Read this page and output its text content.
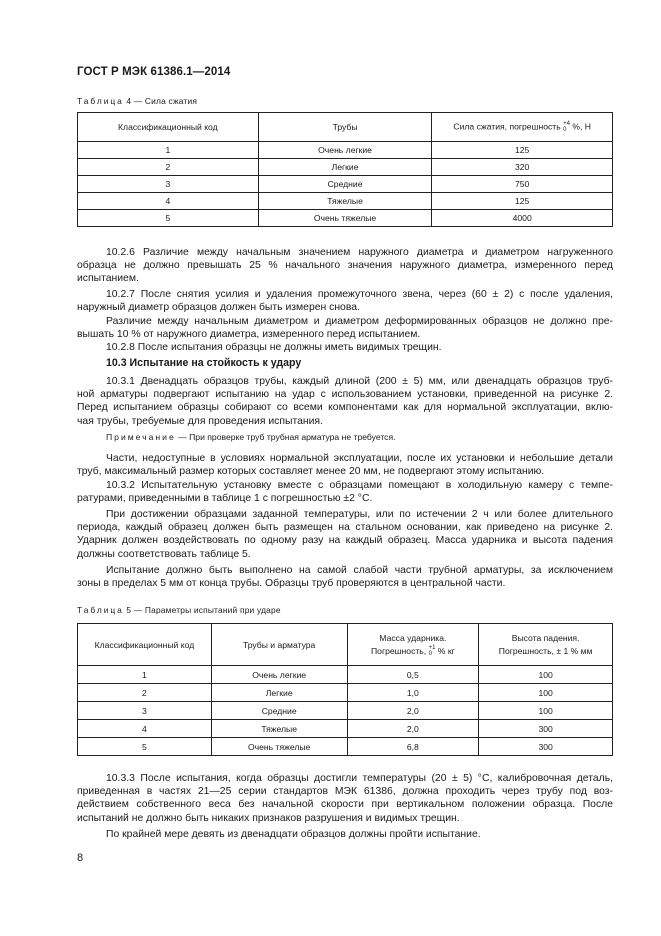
ГОСТ Р МЭК 61386.1—2014
Таблица 4 — Сила сжатия
Классификационный код	Трубы	Сила сжатия, погрешность +4
0 %, Н
1	Очень легкие	125
2	Легкие	320
3	Средние	750
4	Тяжелые	125
5	Очень тяжелые	4000
10.2.6 Различие между начальным значением наружного диаметра и диаметром нагруженного
образца не должно превышать 25 % начального значения наружного диаметра, измеренного перед
испытанием.
10.2.7 После снятия усилия и удаления промежуточного звена, через (60 ± 2) с после удаления,
наружный диаметр образцов должен быть измерен снова.
Различие между начальным диаметром и диаметром деформированных образцов не должно пре-
вышать 10 % от наружного диаметра, измеренного перед испытанием.
10.2.8 После испытания образцы не должны иметь видимых трещин.
10.3 Испытание на стойкость к удару
10.3.1 Двенадцать образцов трубы, каждый длиной (200 ± 5) мм, или двенадцать образцов труб-
ной арматуры подвергают испытанию на удар с использованием установки, приведенной на рисунке 2.
Перед испытанием образцы собирают со всеми компонентами как для нормальной эксплуатации, вклю-
чая трубы, требуемые для проведения испытания.
Примечание — При проверке труб трубная арматура не требуется.
Части, недоступные в условиях нормальной эксплуатации, после их установки и небольшие детали
труб, максимальный размер которых составляет менее 20 мм, не подвергают этому испытанию.
10.3.2 Испытательную установку вместе с образцами помещают в холодильную камеру с темпе-
ратурами, приведенными в таблице 1 с погрешностью ±2 °С.
При достижении образцами заданной температуры, или по истечении 2 ч или более длительного
периода, каждый образец должен быть размещен на стальном основании, как приведено на рисунке 2.
Ударник должен воздействовать по одному разу на каждый образец. Масса ударника и высота падения
должны соответствовать таблице 5.
Испытание должно быть выполнено на самой слабой части трубной арматуры, за исключением
зоны в пределах 5 мм от конца трубы. Образцы труб проверяются в центральной части.
Таблица 5 — Параметры испытаний при ударе
Классификационный код	Трубы и арматура	Масса ударника.
Погрешность, +1
0 % кг	Высота падения.
Погрешность, ± 1 % мм
1	Очень легкие	0,5	100
2	Легкие	1,0	100
3	Средние	2,0	100
4	Тяжелые	2,0	300
5	Очень тяжелые	6,8	300
10.3.3 После испытания, когда образцы достигли температуры (20 ± 5) °С, калибровочная деталь,
приведенная в частях 21—25 серии стандартов МЭК 61386, должна проходить через трубу под воз-
действием собственного веса без начальной скорости при вертикальном положении образца. После
испытаний не должно быть никаких признаков разрушения и видимых трещин.
По крайней мере девять из двенадцати образцов должны пройти испытание.
8
